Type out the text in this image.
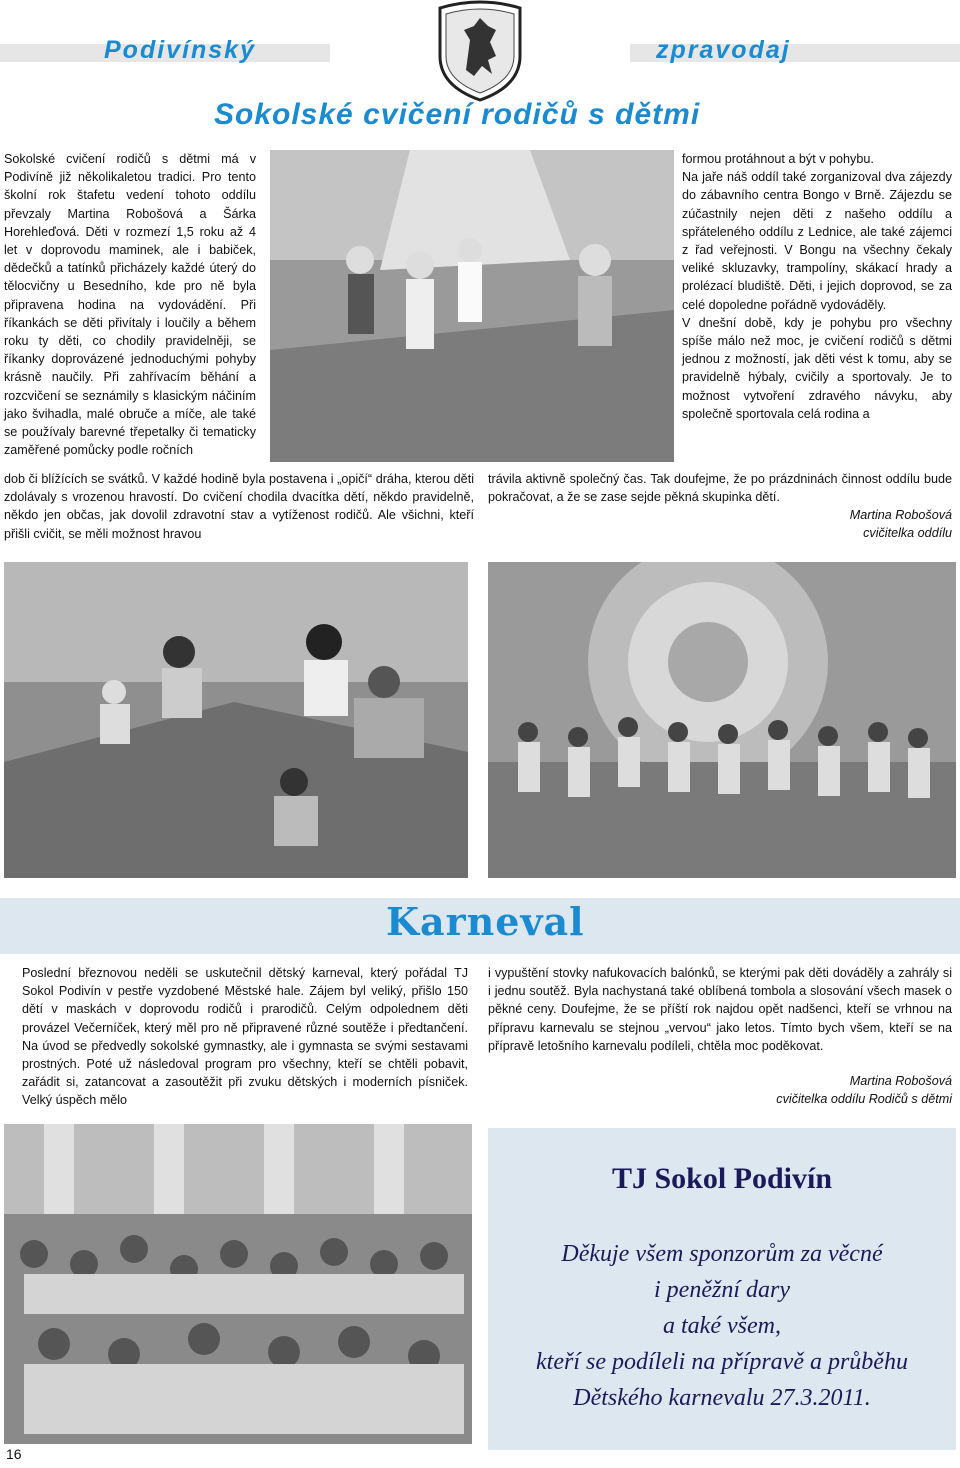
Podivínský	zpravodaj
Sokolské cvičení rodičů s dětmi

Sokolské cvičení rodičů s dětmi má v Podivíně již několikaletou tradici. Pro tento školní rok štafetu vedení tohoto oddílu převzaly Martina Robošová a Šárka Horehleďová. Děti v rozmezí 1,5 roku až 4 let v doprovodu maminek, ale i babiček, dědečků a tatínků přicházely každé úterý do tělocvičny u Besedního, kde pro ně byla připravena hodina na vydovádění. Při říkankách se děti přivítaly i loučily a během roku ty děti, co chodily pravidelněji, se říkanky doprovázené jednoduchými pohyby krásně naučily. Při zahřívacím běhání a rozcvičení se seznámily s klasickým náčiním jako švihadla, malé obruče a míče, ale také se používaly barevné třepetalky či tematicky zaměřené pomůcky podle ročních

dob či blížících se svátků. V každé hodině byla postavena i „opičí“ dráha, kterou děti zdolávaly s vrozenou hravostí. Do cvičení chodila dvacítka dětí, někdo pravidelně, někdo jen občas, jak dovolil zdravotní stav a vytíženost rodičů. Ale všichni, kteří přišli cvičit, se měli možnost hravou

formou protáhnout a být v pohybu.
Na jaře náš oddíl také zorganizoval dva zájezdy do zábavního centra Bongo v Brně. Zájezdu se zúčastnily nejen děti z našeho oddílu a spřáteleného oddílu z Lednice, ale také zájemci z řad veřejnosti. V Bongu na všechny čekaly veliké skluzavky, trampolíny, skákací hrady a prolézací bludiště. Děti, i jejich doprovod, se za celé dopoledne pořádně vydováděly.
V dnešní době, kdy je pohybu pro všechny spíše málo než moc, je cvičení rodičů s dětmi jednou z možností, jak děti vést k tomu, aby se pravidelně hýbaly, cvičily a sportovaly. Je to možnost vytvoření zdravého návyku, aby společně sportovala celá rodina a

trávila aktivně společný čas. Tak doufejme, že po prázdninách činnost oddílu bude pokračovat, a že se zase sejde pěkná skupinka dětí.

Martina Robošová
cvičitelka oddílu
Karneval

Poslední březnovou neděli se uskutečnil dětský karneval, který pořádal TJ Sokol Podivín v pestře vyzdobené Městské hale. Zájem byl veliký, přišlo 150 dětí v maskách v doprovodu rodičů i prarodičů. Celým odpolednem děti provázel Večerníček, který měl pro ně připravené různé soutěže i předtančení. Na úvod se předvedly sokolské gymnastky, ale i gymnasta se svými sestavami prostných. Poté už následoval program pro všechny, kteří se chtěli pobavit, zařádit si, zatancovat a zasoutěžit při zvuku dětských i moderních písniček. Velký úspěch mělo

i vypuštění stovky nafukovacích balónků, se kterými pak děti dováděly a zahrály si i jednu soutěž. Byla nachystaná také oblíbená tombola a slosování všech masek o pěkné ceny. Doufejme, že se příští rok najdou opět nadšenci, kteří se vrhnou na přípravu karnevalu se stejnou „vervou“ jako letos. Tímto bych všem, kteří se na přípravě letošního karnevalu podíleli, chtěla moc poděkovat.

Martina Robošová
cvičitelka oddílu Rodičů s dětmi
TJ Sokol Podivín
Děkuje všem sponzorům za věcné
i peněžní dary
a také všem,
kteří se podíleli na přípravě a průběhu
Dětského karnevalu 27.3.2011.
16
